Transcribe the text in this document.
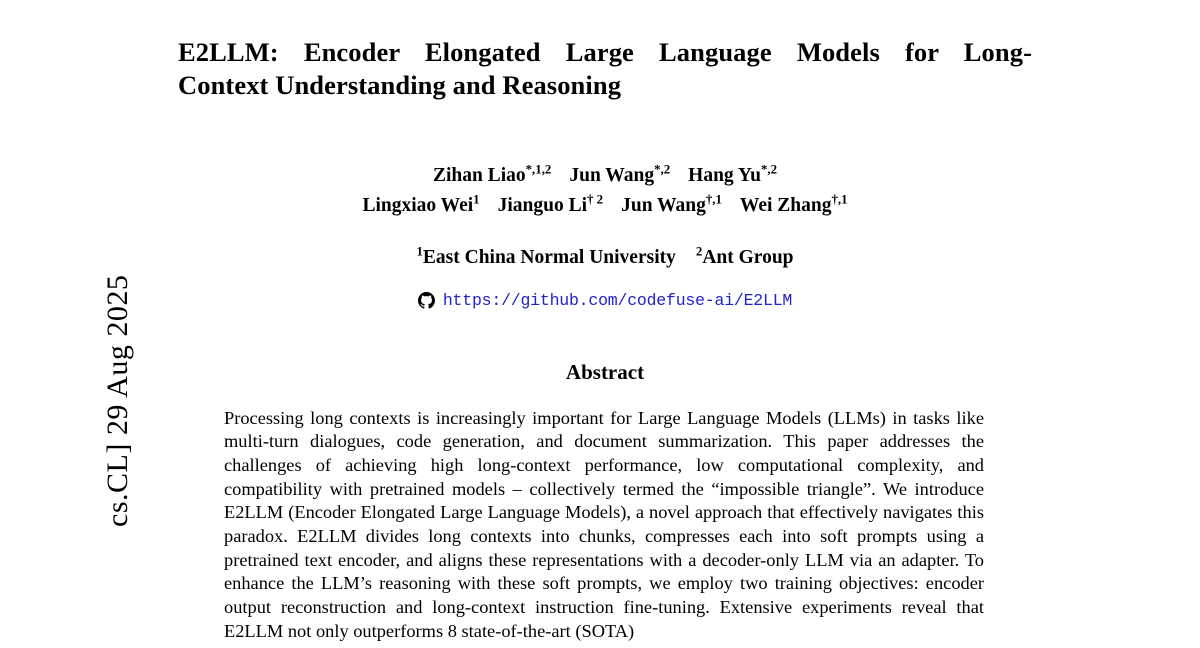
cs.CL] 29 Aug 2025
E2LLM: Encoder Elongated Large Language Models for Long-
Context Understanding and Reasoning
Zihan Liao$^{*,1,2}$ Jun Wang$^{*,2}$ Hang $Yu^{*,2}$
Lingxiao Wei$^1$ Jianguo Li$^{\dagger 2}$ Jun Wang$^{\dagger,1}$ Wei Zhang$^{\dagger,1}$
$^1$East China Normal University $^2$Ant Group
https://github.com/codefuse-ai/E2LLM
Abstract
Processing long contexts is increasingly important for Large Language Models (LLMs) in tasks like multi-turn dialogues, code generation, and document summarization. This paper addresses the challenges of achieving high long-context performance, low computational complexity, and compatibility with pretrained models – collectively termed the “impossible triangle”. We introduce E2LLM (Encoder Elongated Large Language Models), a novel approach that effectively navigates this paradox. E2LLM divides long contexts into chunks, compresses each into soft prompts using a pretrained text encoder, and aligns these representations with a decoder-only LLM via an adapter. To enhance the LLM’s reasoning with these soft prompts, we employ two training objectives: encoder output reconstruction and long-context instruction fine-tuning. Extensive experiments reveal that E2LLM not only outperforms 8 state-of-the-art (SOTA)
